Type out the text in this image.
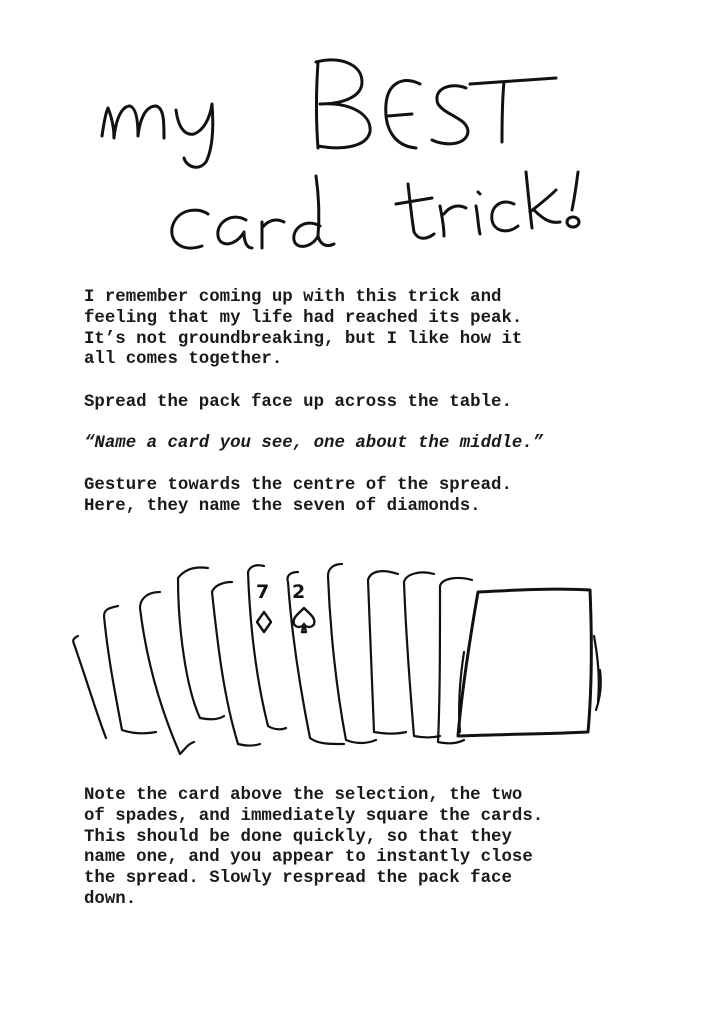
I remember coming up with this trick and
feeling that my life had reached its peak.
It’s not groundbreaking, but I like how it
all comes together.

Spread the pack face up across the table.

“Name a card you see, one about the middle.”

Gesture towards the centre of the spread.
Here, they name the seven of diamonds.

7 2

Note the card above the selection, the two
of spades, and immediately square the cards.
This should be done quickly, so that they
name one, and you appear to instantly close
the spread. Slowly respread the pack face
down.
